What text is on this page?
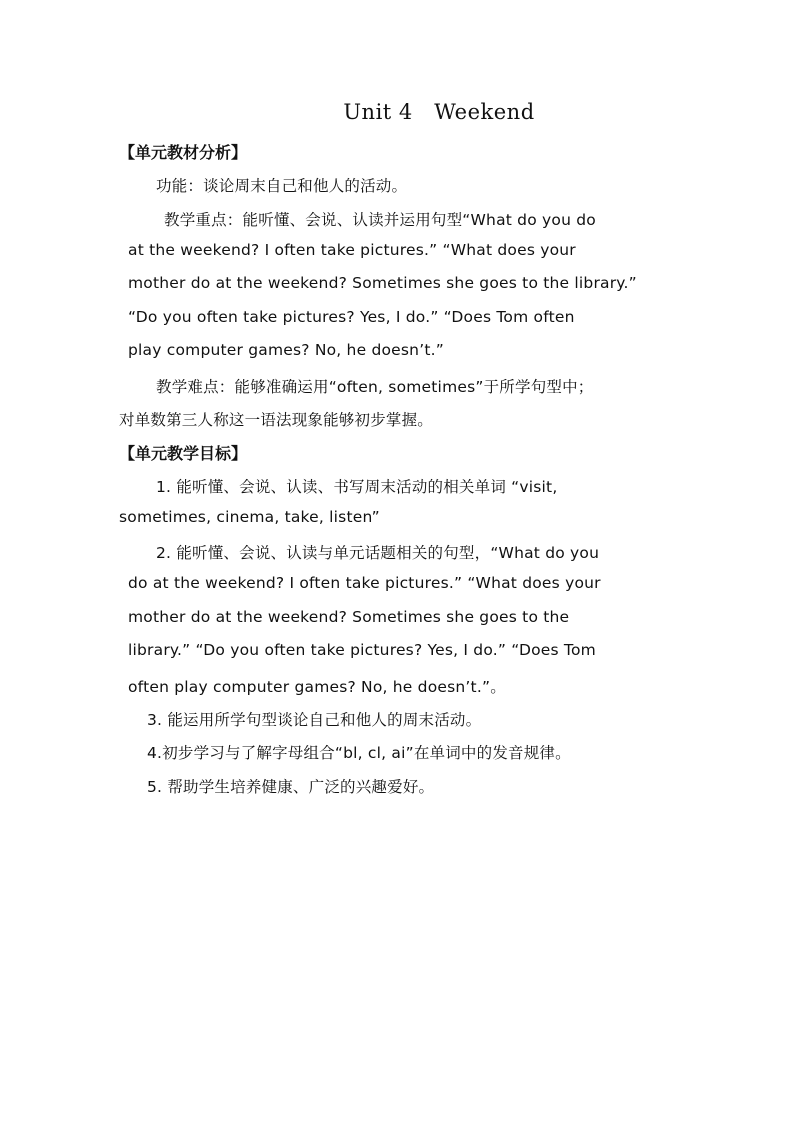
Unit 4   Weekend
【单元教材分析】
功能：谈论周末自己和他人的活动。
教学重点：能听懂、会说、认读并运用句型“What do you do
at the weekend? I often take pictures.” “What does your
mother do at the weekend? Sometimes she goes to the library.”
“Do you often take pictures? Yes, I do.” “Does Tom often
play computer games? No, he doesn’t.”
教学难点：能够准确运用“often, sometimes”于所学句型中；
对单数第三人称这一语法现象能够初步掌握。
【单元教学目标】
1. 能听懂、会说、认读、书写周末活动的相关单词 “visit,
sometimes, cinema, take, listen”
2. 能听懂、会说、认读与单元话题相关的句型，“What do you
do at the weekend? I often take pictures.” “What does your
mother do at the weekend? Sometimes she goes to the
library.” “Do you often take pictures? Yes, I do.” “Does Tom
often play computer games? No, he doesn’t.”。
3. 能运用所学句型谈论自己和他人的周末活动。
4.初步学习与了解字母组合“bl, cl, ai”在单词中的发音规律。
5. 帮助学生培养健康、广泛的兴趣爱好。
